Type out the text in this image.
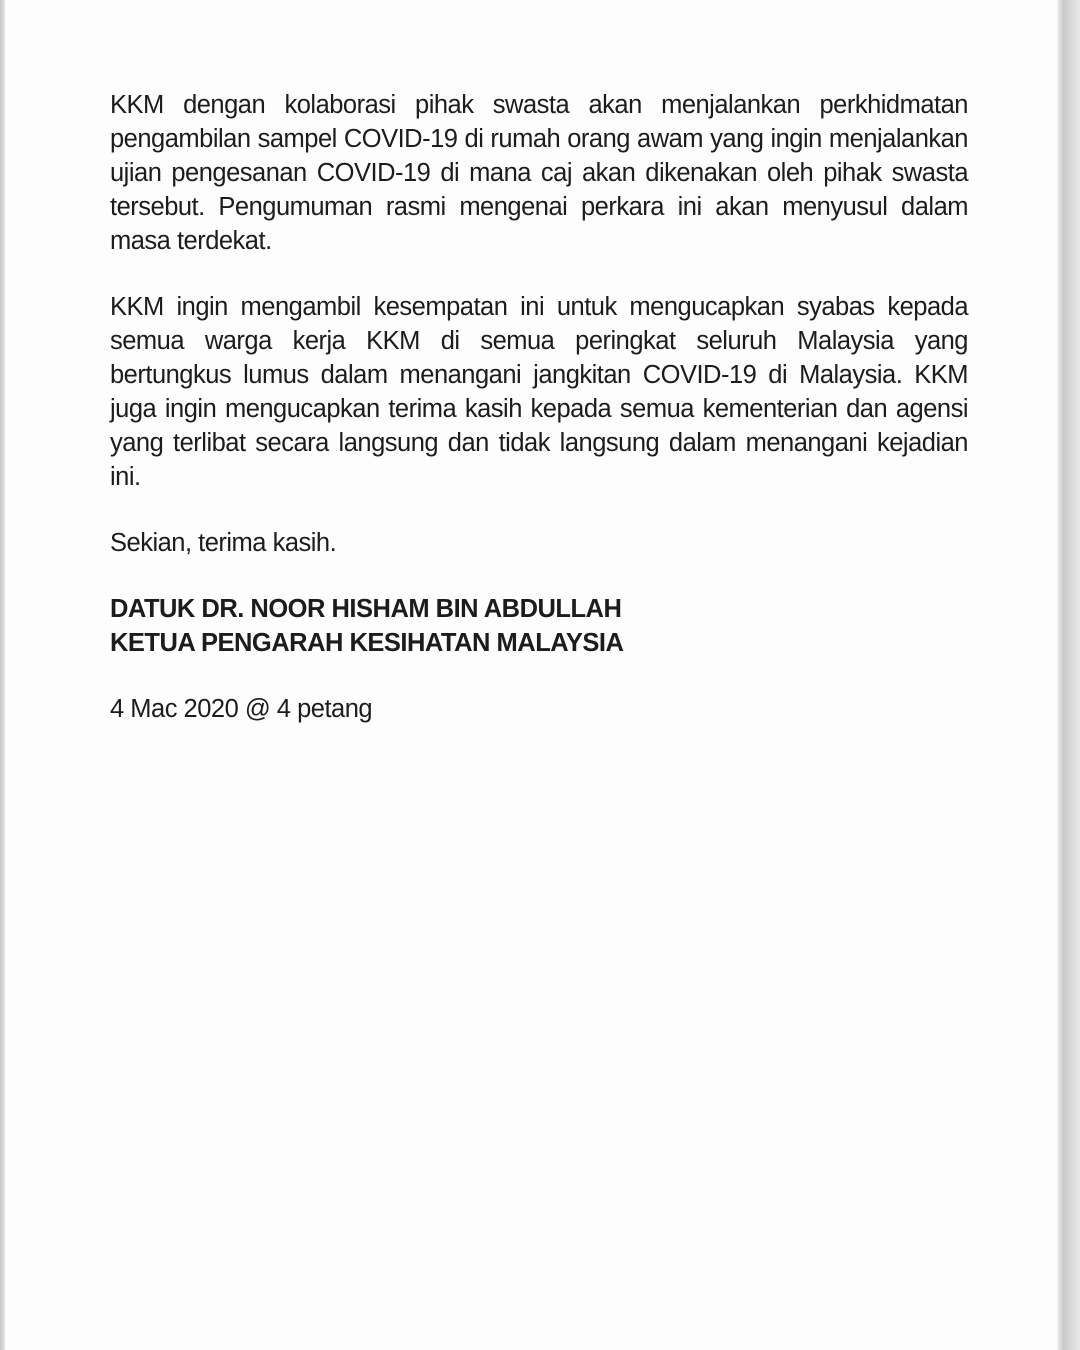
KKM dengan kolaborasi pihak swasta akan menjalankan perkhidmatan
pengambilan sampel COVID-19 di rumah orang awam yang ingin menjalankan
ujian pengesanan COVID-19 di mana caj akan dikenakan oleh pihak swasta
tersebut. Pengumuman rasmi mengenai perkara ini akan menyusul dalam
masa terdekat.
KKM ingin mengambil kesempatan ini untuk mengucapkan syabas kepada
semua warga kerja KKM di semua peringkat seluruh Malaysia yang
bertungkus lumus dalam menangani jangkitan COVID-19 di Malaysia. KKM
juga ingin mengucapkan terima kasih kepada semua kementerian dan agensi
yang terlibat secara langsung dan tidak langsung dalam menangani kejadian
ini.
Sekian, terima kasih.
DATUK DR. NOOR HISHAM BIN ABDULLAH
KETUA PENGARAH KESIHATAN MALAYSIA
4 Mac 2020 @ 4 petang
